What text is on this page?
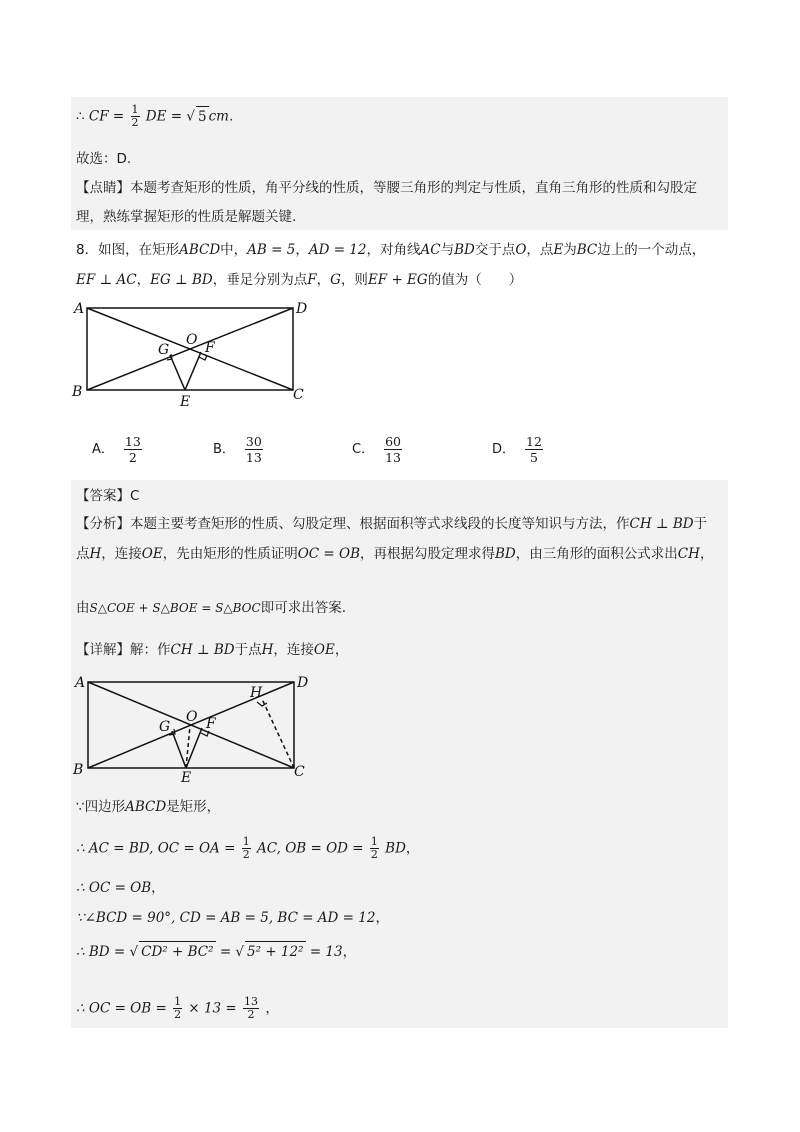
∴ CF = $\frac{1}{2}$ DE = √ 5 cm.
故选：D.
【点睛】本题考查矩形的性质，角平分线的性质，等腰三角形的判定与性质，直角三角形的性质和勾股定
理，熟练掌握矩形的性质是解题关键.
8．如图，在矩形ABCD中，AB = 5，AD = 12，对角线AC与BD交于点O，点E为BC边上的一个动点，
EF ⊥ AC，EG ⊥ BD，垂足分别为点F，G，则EF + EG的值为（　　）
A	D
B	C
O
E
F
G
A． $\frac{13}{2}$	B． $\frac{30}{13}$	C． $\frac{60}{13}$	D． $\frac{12}{5}$
【答案】C
【分析】本题主要考查矩形的性质、勾股定理、根据面积等式求线段的长度等知识与方法，作CH ⊥ BD于
点H，连接OE，先由矩形的性质证明OC = OB，再根据勾股定理求得BD，由三角形的面积公式求出CH，
由S△COE + S△BOE = S△BOC即可求出答案.
【详解】解：作CH ⊥ BD于点H，连接OE，
A	D
B	C
O
E
F
G
H
∵四边形ABCD是矩形，
∴ AC = BD, OC = OA = $\frac{1}{2}$ AC, OB = OD = $\frac{1}{2}$ BD，
∴ OC = OB，
∵∠BCD = 90°, CD = AB = 5, BC = AD = 12，
∴ BD = √ CD² + BC² = √ 5² + 12² = 13，
∴ OC = OB = $\frac{1}{2} \times 13 = \frac{13}{2}$ ，
